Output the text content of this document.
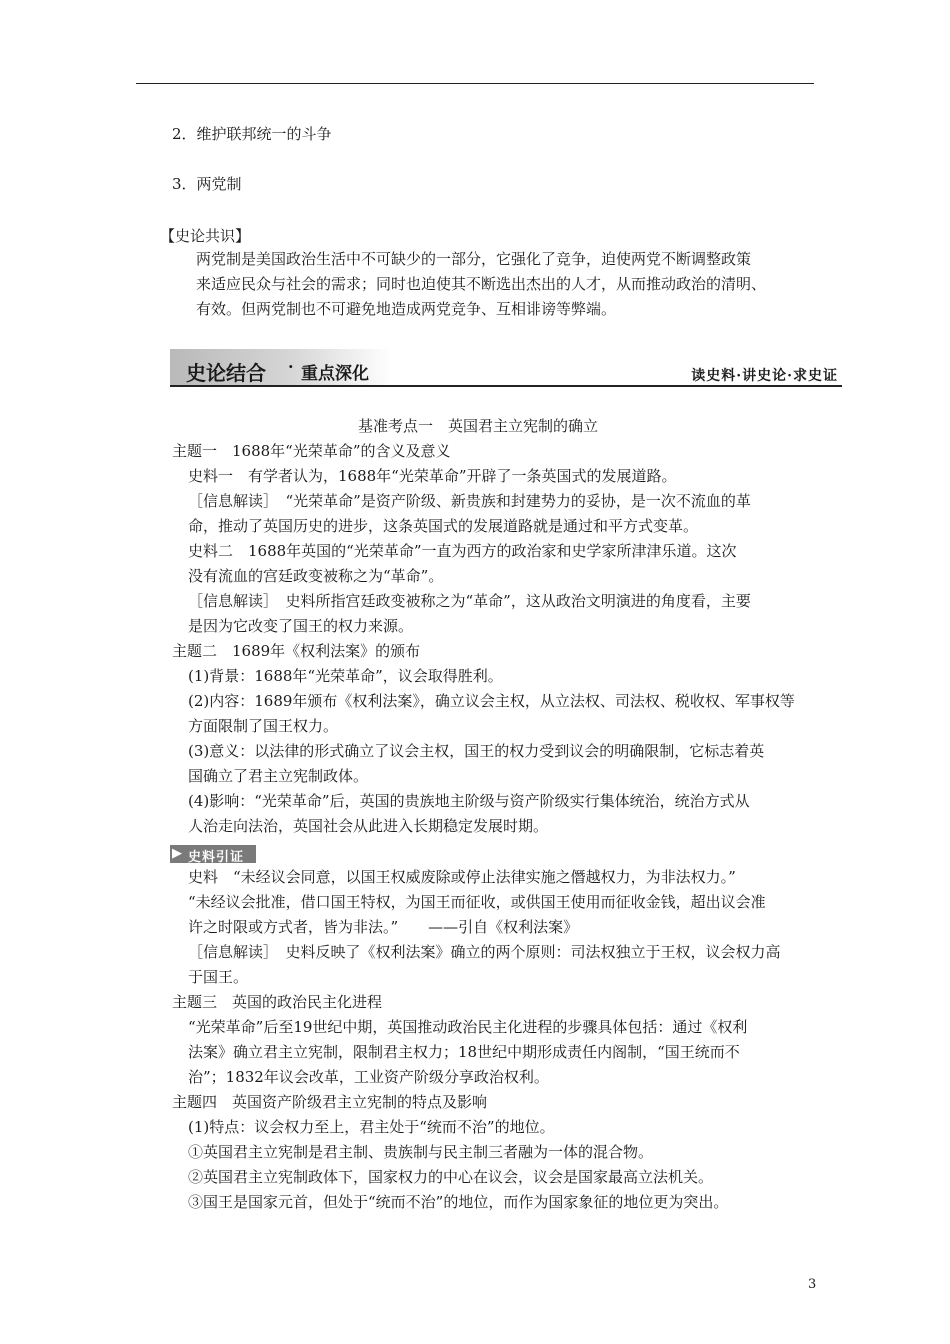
2．维护联邦统一的斗争
3．两党制
【史论共识】
两党制是美国政治生活中不可缺少的一部分，它强化了竞争，迫使两党不断调整政策
来适应民众与社会的需求；同时也迫使其不断选出杰出的人才，从而推动政治的清明、
有效。但两党制也不可避免地造成两党竞争、互相诽谤等弊端。
史论结合 · 重点深化	读史料·讲史论·求史证
基准考点一　英国君主立宪制的确立
主题一　1688年“光荣革命”的含义及意义
史料一　有学者认为，1688年“光荣革命”开辟了一条英国式的发展道路。
［信息解读］　“光荣革命”是资产阶级、新贵族和封建势力的妥协，是一次不流血的革
命，推动了英国历史的进步，这条英国式的发展道路就是通过和平方式变革。
史料二　1688年英国的“光荣革命”一直为西方的政治家和史学家所津津乐道。这次
没有流血的宫廷政变被称之为“革命”。
［信息解读］　史料所指宫廷政变被称之为“革命”，这从政治文明演进的角度看，主要
是因为它改变了国王的权力来源。
主题二　1689年《权利法案》的颁布
(1)背景：1688年“光荣革命”，议会取得胜利。
(2)内容：1689年颁布《权利法案》，确立议会主权，从立法权、司法权、税收权、军事权等
方面限制了国王权力。
(3)意义：以法律的形式确立了议会主权，国王的权力受到议会的明确限制，它标志着英
国确立了君主立宪制政体。
(4)影响：“光荣革命”后，英国的贵族地主阶级与资产阶级实行集体统治，统治方式从
人治走向法治，英国社会从此进入长期稳定发展时期。
▶ 史料引证
史料　“未经议会同意，以国王权威废除或停止法律实施之僭越权力，为非法权力。”
“未经议会批准，借口国王特权，为国王而征收，或供国王使用而征收金钱，超出议会准
许之时限或方式者，皆为非法。”　　——引自《权利法案》
［信息解读］　史料反映了《权利法案》确立的两个原则：司法权独立于王权，议会权力高
于国王。
主题三　英国的政治民主化进程
“光荣革命”后至19世纪中期，英国推动政治民主化进程的步骤具体包括：通过《权利
法案》确立君主立宪制，限制君主权力；18世纪中期形成责任内阁制，“国王统而不
治”；1832年议会改革，工业资产阶级分享政治权利。
主题四　英国资产阶级君主立宪制的特点及影响
(1)特点：议会权力至上，君主处于“统而不治”的地位。
①英国君主立宪制是君主制、贵族制与民主制三者融为一体的混合物。
②英国君主立宪制政体下，国家权力的中心在议会，议会是国家最高立法机关。
③国王是国家元首，但处于“统而不治”的地位，而作为国家象征的地位更为突出。
3
